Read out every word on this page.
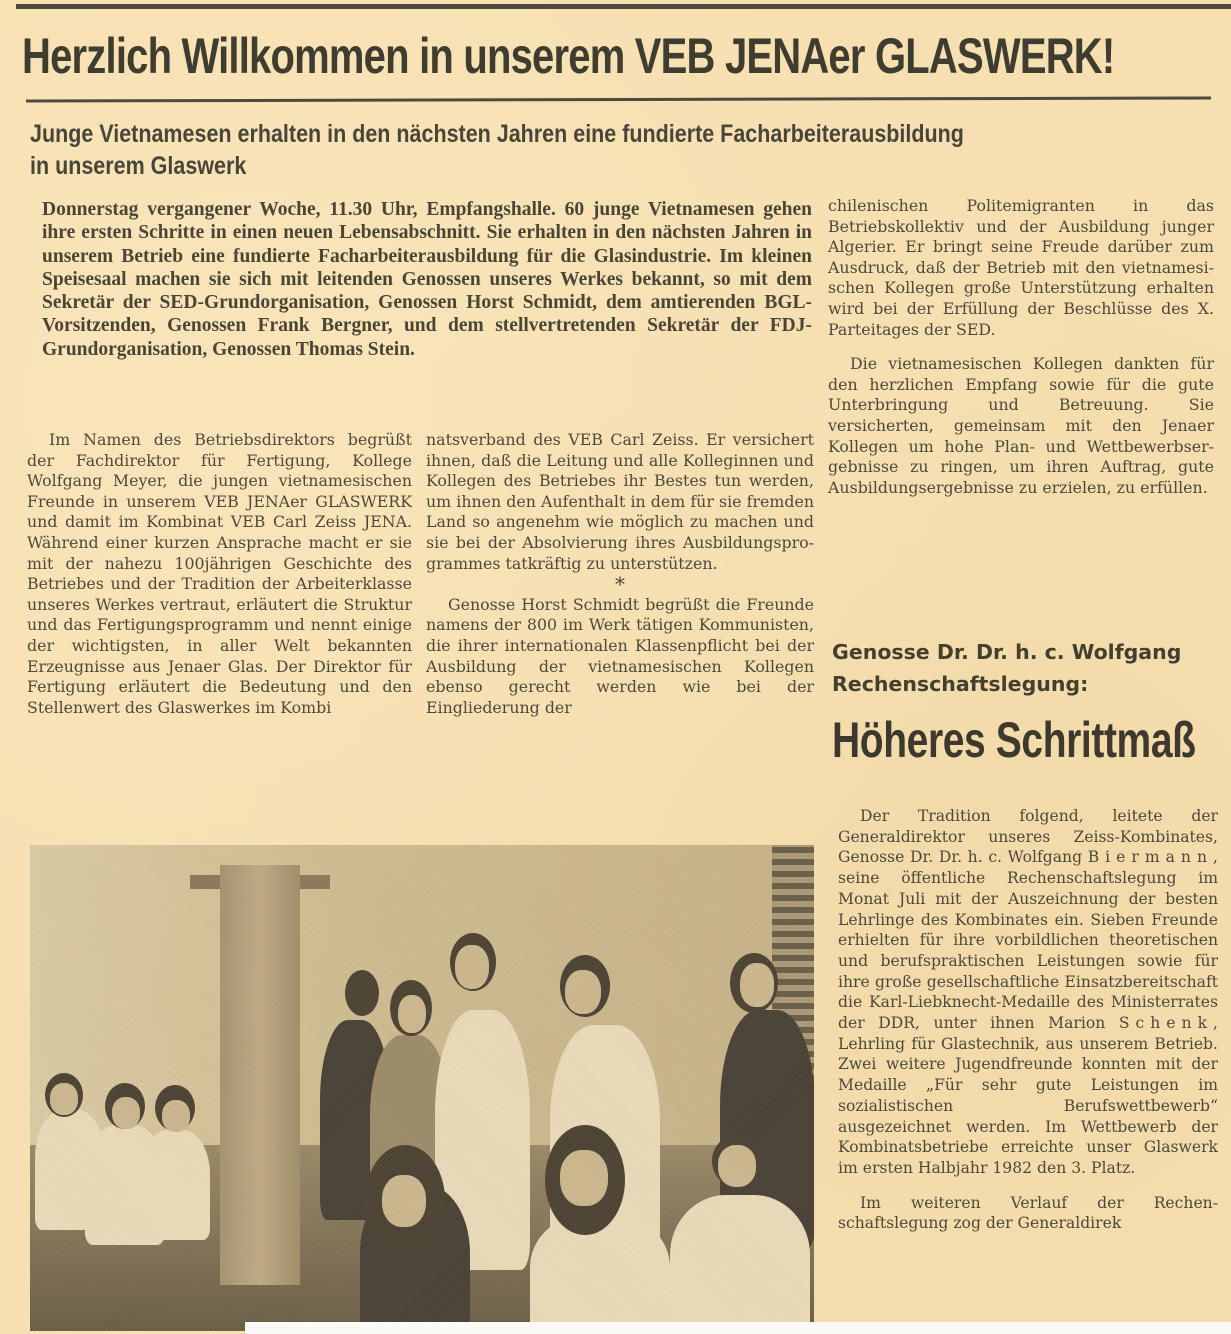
Herzlich Willkommen in unserem VEB JENAer GLASWERK!
Junge Vietnamesen erhalten in den nächsten Jahren eine fundierte Facharbeiterausbildung
in unserem Glaswerk
Donnerstag vergangener Woche, 11.30 Uhr, Empfangshalle. 60 junge Vietnamesen gehen ihre ersten Schritte in einen neuen Lebensabschnitt. Sie erhalten in den nächsten Jahren in unserem Betrieb eine fundierte Facharbeiterausbildung für die Glasindustrie. Im kleinen Speisesaal machen sie sich mit leitenden Genossen unseres Werkes bekannt, so mit dem Sekretär der SED-Grundorganisation, Genossen Horst Schmidt, dem amtierenden BGL-Vorsitzenden, Genossen Frank Bergner, und dem stellvertretenden Sekretär der FDJ-Grundorganisation, Genossen Thomas Stein.

Im Namen des Betriebsdirektors begrüßt der Fachdirektor für Fertigung, Kollege Wolfgang Meyer, die jungen vietnamesischen Freunde in unserem VEB JENAer GLASWERK und damit im Kombinat VEB Carl Zeiss JENA. Während einer kurzen Ansprache macht er sie mit der nahezu 100jährigen Geschichte des Betriebes und der Tradition der Arbeiterklasse unseres Werkes vertraut, erläutert die Struktur und das Fertigungsprogramm und nennt einige der wichtigsten, in aller Welt bekannten Erzeugnisse aus Jenaer Glas. Der Direktor für Fertigung erläutert die Bedeutung und den Stellenwert des Glaswerkes im Kombi

natsverband des VEB Carl Zeiss. Er versichert ihnen, daß die Leitung und alle Kolleginnen und Kollegen des Betriebes ihr Bestes tun werden, um ihnen den Aufenthalt in dem für sie fremden Land so angenehm wie möglich zu machen und sie bei der Absolvierung ihres Ausbildungsprogrammes tatkräftig zu unterstützen.

*

Genosse Horst Schmidt begrüßt die Freunde namens der 800 im Werk tätigen Kommunisten, die ihrer internationalen Klassenpflicht bei der Ausbildung der vietnamesischen Kollegen ebenso gerecht werden wie bei der Eingliederung der

chilenischen Politemigranten in das Betriebskollektiv und der Ausbildung junger Algerier. Er bringt seine Freude darüber zum Ausdruck, daß der Betrieb mit den vietnamesischen Kollegen große Unterstützung erhalten wird bei der Erfüllung der Beschlüsse des X. Parteitages der SED.

Die vietnamesischen Kollegen dankten für den herzlichen Empfang sowie für die gute Unterbringung und Betreuung. Sie versicherten, gemeinsam mit den Jenaer Kollegen um hohe Plan- und Wettbewerbsergebnisse zu ringen, um ihren Auftrag, gute Ausbildungsergebnisse zu erzielen, zu erfüllen.

Genosse Dr. Dr. h. c. Wolfgang
Rechenschaftslegung:
Höheres Schrittmaß

Der Tradition folgend, leitete der Generaldirektor unseres Zeiss-Kombinates, Genosse Dr. Dr. h. c. Wolfgang Biermann, seine öffentliche Rechenschaftslegung im Monat Juli mit der Auszeichnung der besten Lehrlinge des Kombinates ein. Sieben Freunde erhielten für ihre vorbildlichen theoretischen und berufspraktischen Leistungen sowie für ihre große gesellschaftliche Einsatzbereitschaft die Karl-Liebknecht-Medaille des Ministerrates der DDR, unter ihnen Marion Schenk, Lehrling für Glastechnik, aus unserem Betrieb. Zwei weitere Jugendfreunde konnten mit der Medaille „Für sehr gute Leistungen im sozialistischen Berufswettbewerb“ ausgezeichnet werden. Im Wettbewerb der Kombinatsbetriebe erreichte unser Glaswerk im ersten Halbjahr 1982 den 3. Platz.

Im weiteren Verlauf der Rechenschaftslegung zog der Generaldirek
